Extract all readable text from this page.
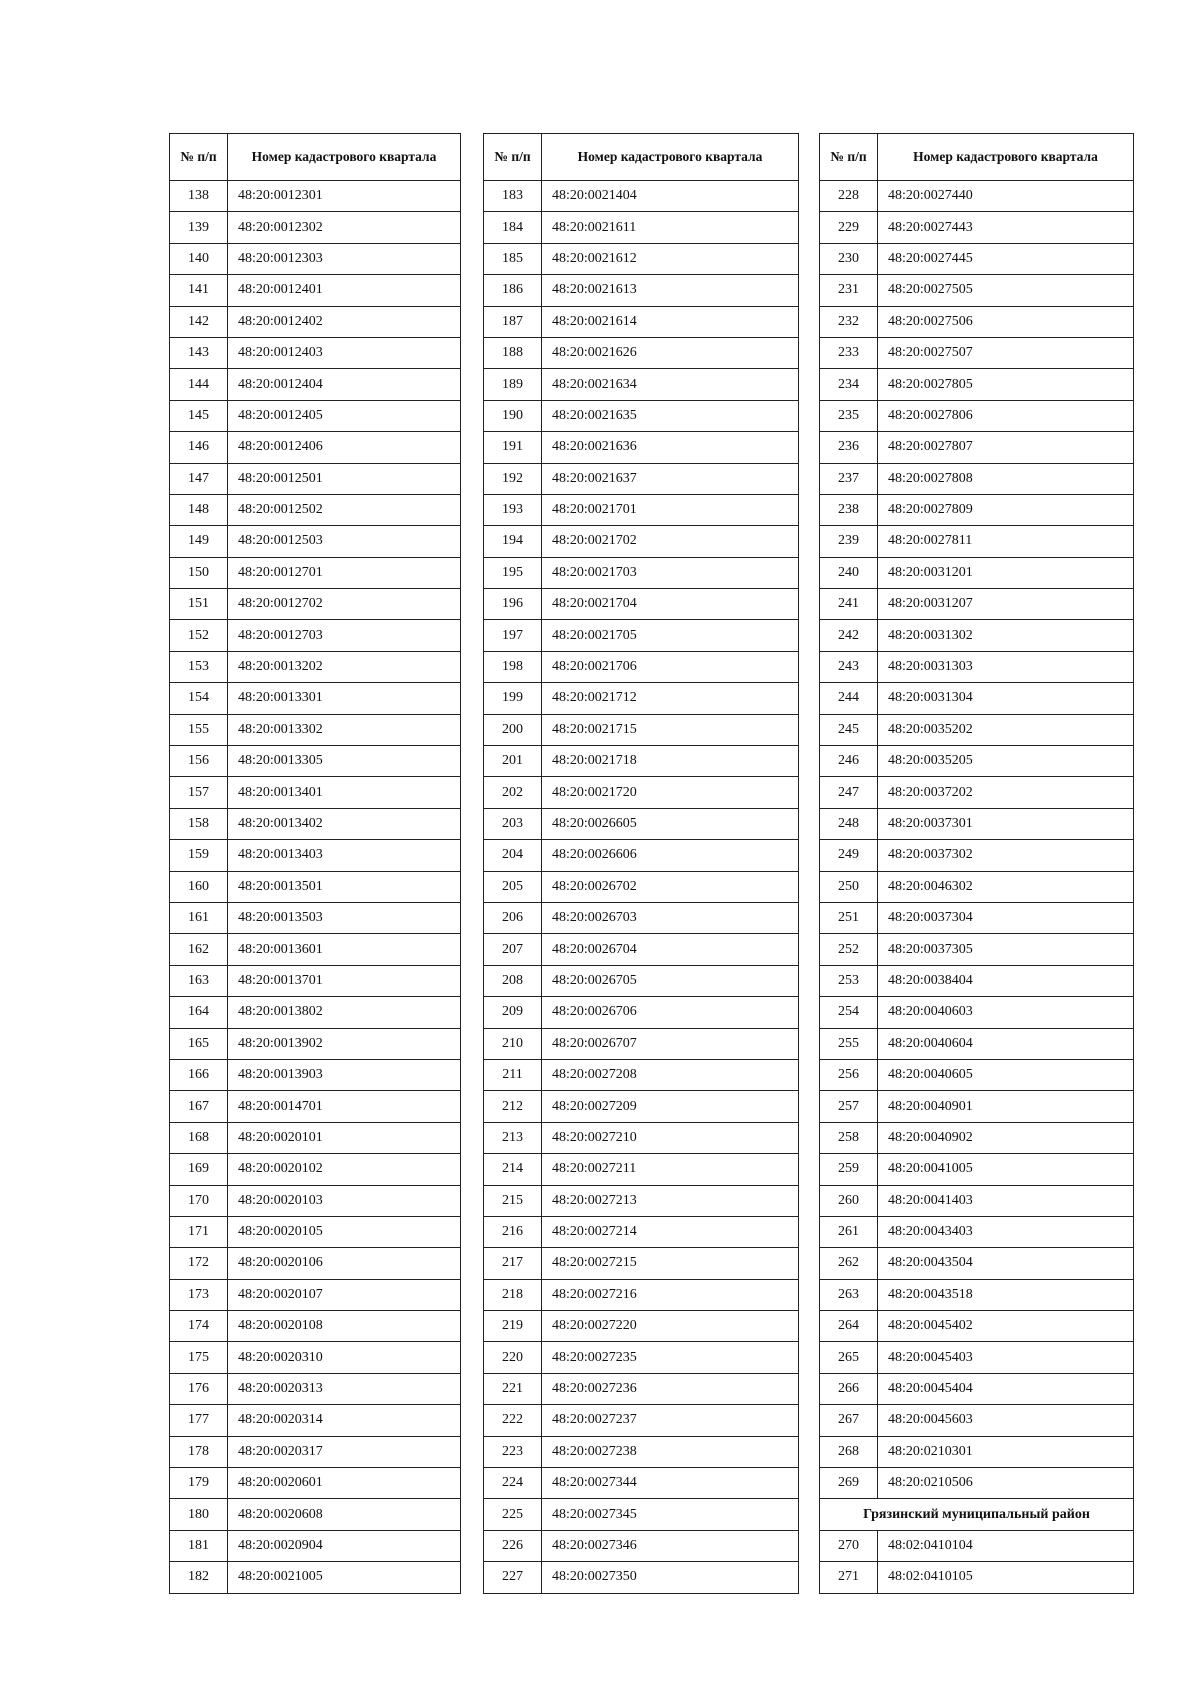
№ п/п	Номер кадастрового квартала
138	48:20:0012301
139	48:20:0012302
140	48:20:0012303
141	48:20:0012401
142	48:20:0012402
143	48:20:0012403
144	48:20:0012404
145	48:20:0012405
146	48:20:0012406
147	48:20:0012501
148	48:20:0012502
149	48:20:0012503
150	48:20:0012701
151	48:20:0012702
152	48:20:0012703
153	48:20:0013202
154	48:20:0013301
155	48:20:0013302
156	48:20:0013305
157	48:20:0013401
158	48:20:0013402
159	48:20:0013403
160	48:20:0013501
161	48:20:0013503
162	48:20:0013601
163	48:20:0013701
164	48:20:0013802
165	48:20:0013902
166	48:20:0013903
167	48:20:0014701
168	48:20:0020101
169	48:20:0020102
170	48:20:0020103
171	48:20:0020105
172	48:20:0020106
173	48:20:0020107
174	48:20:0020108
175	48:20:0020310
176	48:20:0020313
177	48:20:0020314
178	48:20:0020317
179	48:20:0020601
180	48:20:0020608
181	48:20:0020904
182	48:20:0021005
№ п/п	Номер кадастрового квартала
183	48:20:0021404
184	48:20:0021611
185	48:20:0021612
186	48:20:0021613
187	48:20:0021614
188	48:20:0021626
189	48:20:0021634
190	48:20:0021635
191	48:20:0021636
192	48:20:0021637
193	48:20:0021701
194	48:20:0021702
195	48:20:0021703
196	48:20:0021704
197	48:20:0021705
198	48:20:0021706
199	48:20:0021712
200	48:20:0021715
201	48:20:0021718
202	48:20:0021720
203	48:20:0026605
204	48:20:0026606
205	48:20:0026702
206	48:20:0026703
207	48:20:0026704
208	48:20:0026705
209	48:20:0026706
210	48:20:0026707
211	48:20:0027208
212	48:20:0027209
213	48:20:0027210
214	48:20:0027211
215	48:20:0027213
216	48:20:0027214
217	48:20:0027215
218	48:20:0027216
219	48:20:0027220
220	48:20:0027235
221	48:20:0027236
222	48:20:0027237
223	48:20:0027238
224	48:20:0027344
225	48:20:0027345
226	48:20:0027346
227	48:20:0027350
№ п/п	Номер кадастрового квартала
228	48:20:0027440
229	48:20:0027443
230	48:20:0027445
231	48:20:0027505
232	48:20:0027506
233	48:20:0027507
234	48:20:0027805
235	48:20:0027806
236	48:20:0027807
237	48:20:0027808
238	48:20:0027809
239	48:20:0027811
240	48:20:0031201
241	48:20:0031207
242	48:20:0031302
243	48:20:0031303
244	48:20:0031304
245	48:20:0035202
246	48:20:0035205
247	48:20:0037202
248	48:20:0037301
249	48:20:0037302
250	48:20:0046302
251	48:20:0037304
252	48:20:0037305
253	48:20:0038404
254	48:20:0040603
255	48:20:0040604
256	48:20:0040605
257	48:20:0040901
258	48:20:0040902
259	48:20:0041005
260	48:20:0041403
261	48:20:0043403
262	48:20:0043504
263	48:20:0043518
264	48:20:0045402
265	48:20:0045403
266	48:20:0045404
267	48:20:0045603
268	48:20:0210301
269	48:20:0210506
Грязинский муниципальный район	
270	48:02:0410104
271	48:02:0410105
